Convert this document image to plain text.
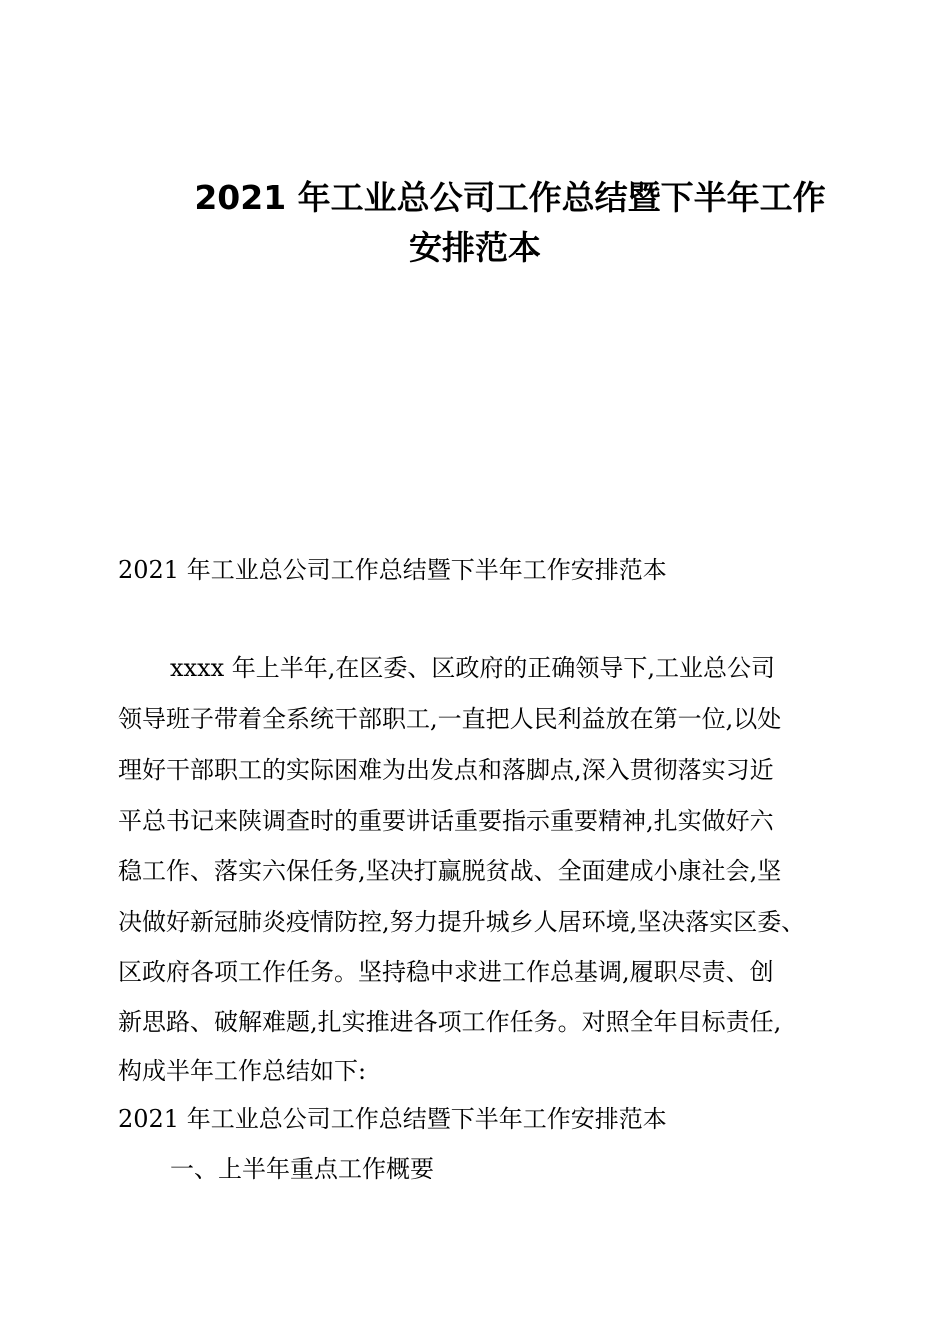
2021 年工业总公司工作总结暨下半年工作
安排范本

2021 年工业总公司工作总结暨下半年工作安排范本

xxxx 年上半年,在区委、区政府的正确领导下,工业总公司

领导班子带着全系统干部职工,一直把人民利益放在第一位,以处

理好干部职工的实际困难为出发点和落脚点,深入贯彻落实习近

平总书记来陕调查时的重要讲话重要指示重要精神,扎实做好六

稳工作、落实六保任务,坚决打赢脱贫战、全面建成小康社会,坚

决做好新冠肺炎疫情防控,努力提升城乡人居环境,坚决落实区委、

区政府各项工作任务。坚持稳中求进工作总基调,履职尽责、创

新思路、破解难题,扎实推进各项工作任务。对照全年目标责任,

构成半年工作总结如下:

2021 年工业总公司工作总结暨下半年工作安排范本

一、上半年重点工作概要
